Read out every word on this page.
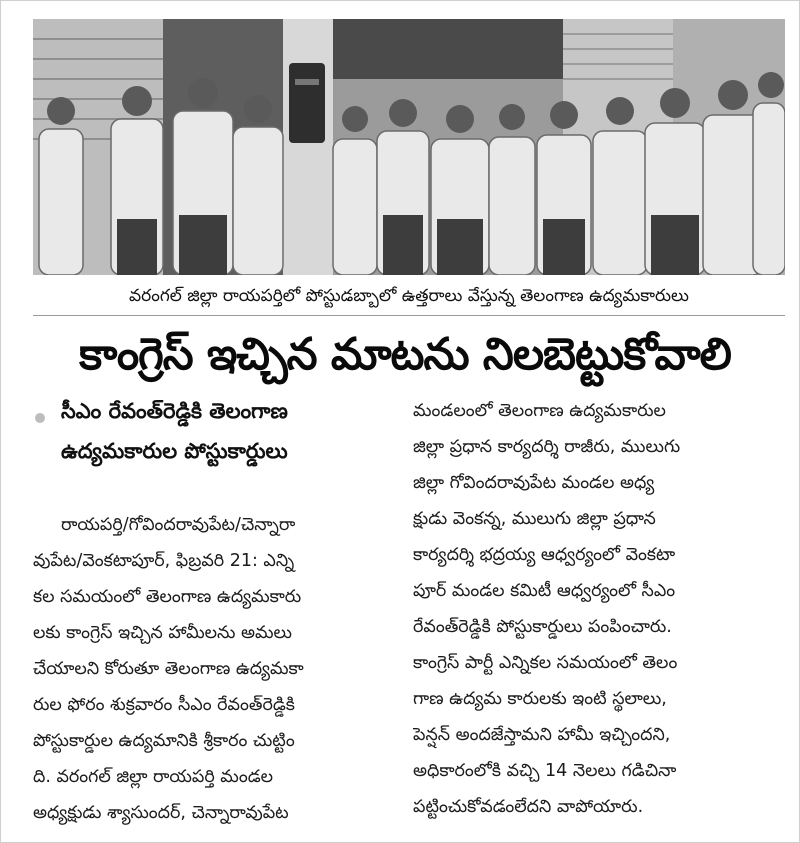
వరంగల్ జిల్లా రాయపర్తిలో పోస్టుడబ్బాలో ఉత్తరాలు వేస్తున్న తెలంగాణ ఉద్యమకారులు
కాంగ్రెస్ ఇచ్చిన మాటను నిలబెట్టుకోవాలి
సీఎం రేవంత్‌రెడ్డికి తెలంగాణ
ఉద్యమకారుల పోస్టుకార్డులు
రాయపర్తి/గోవిందరావుపేట/చెన్నారా
వుపేట/వెంకటాపూర్, ఫిబ్రవరి 21: ఎన్ని
కల సమయంలో తెలంగాణ ఉద్యమకారు
లకు కాంగ్రెస్ ఇచ్చిన హామీలను అమలు
చేయాలని కోరుతూ తెలంగాణ ఉద్యమకా
రుల ఫోరం శుక్రవారం సీఎం రేవంత్‌రెడ్డికి
పోస్టుకార్డుల ఉద్యమానికి శ్రీకారం చుట్టిం
ది. వరంగల్ జిల్లా రాయపర్తి మండల
అధ్యక్షుడు శ్యాసుందర్, చెన్నారావుపేట
మండలంలో తెలంగాణ ఉద్యమకారుల
జిల్లా ప్రధాన కార్యదర్శి రాజీరు, ములుగు
జిల్లా గోవిందరావుపేట మండల అధ్య
క్షుడు వెంకన్న, ములుగు జిల్లా ప్రధాన
కార్యదర్శి భద్రయ్య ఆధ్వర్యంలో వెంకటా
పూర్ మండల కమిటీ ఆధ్వర్యంలో సీఎం
రేవంత్‌రెడ్డికి పోస్టుకార్డులు పంపించారు.
కాంగ్రెస్ పార్టీ ఎన్నికల సమయంలో తెలం
గాణ ఉద్యమ కారులకు ఇంటి స్థలాలు,
పెన్షన్ అందజేస్తామని హామీ ఇచ్చిందని,
అధికారంలోకి వచ్చి 14 నెలలు గడిచినా
పట్టించుకోవడంలేదని వాపోయారు.
